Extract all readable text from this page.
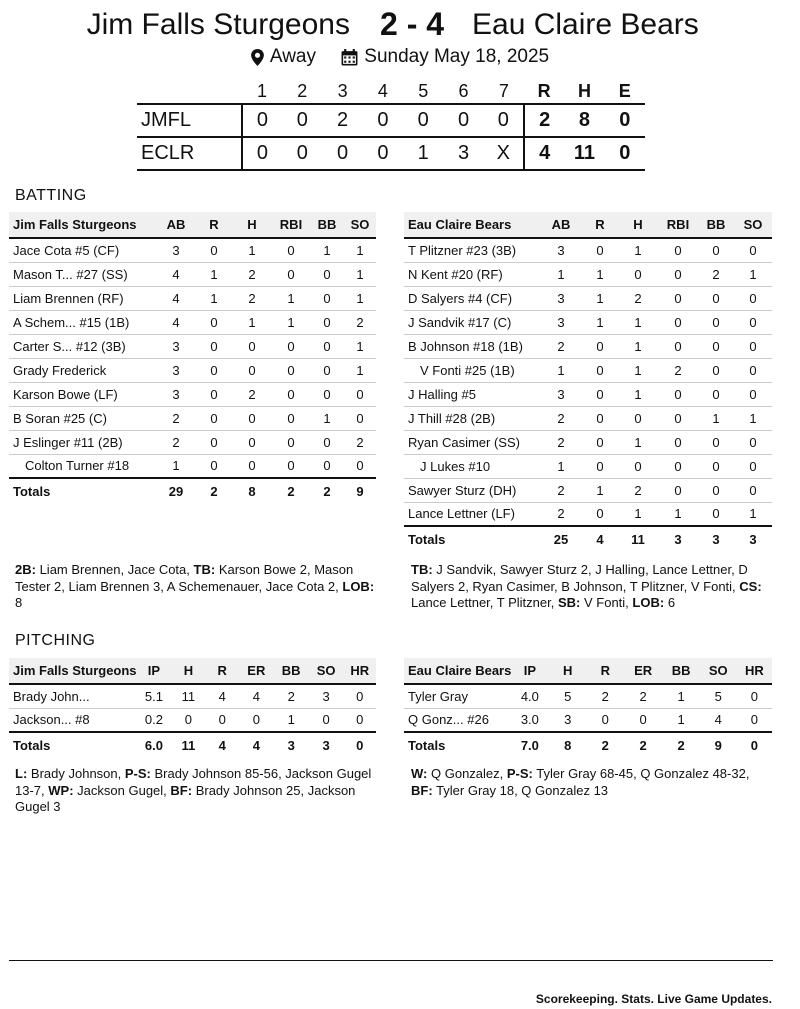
Jim Falls Sturgeons 2 - 4 Eau Claire Bears
Away
	Sunday May 18, 2025
	1	2	3	4	5	6	7	R	H	E
JMFL	0	0	2	0	0	0	0	2	8	0
ECLR	0	0	0	0	1	3	X	4	11	0
BATTING
Jim Falls Sturgeons	AB	R	H	RBI	BB	SO
Jace Cota #5 (CF)	3	0	1	0	1	1
Mason T... #27 (SS)	4	1	2	0	0	1
Liam Brennen (RF)	4	1	2	1	0	1
A Schem... #15 (1B)	4	0	1	1	0	2
Carter S... #12 (3B)	3	0	0	0	0	1
Grady Frederick	3	0	0	0	0	1
Karson Bowe (LF)	3	0	2	0	0	0
B Soran #25 (C)	2	0	0	0	1	0
J Eslinger #11 (2B)	2	0	0	0	0	2
Colton Turner #18	1	0	0	0	0	0
Totals	29	2	8	2	2	9
Eau Claire Bears	AB	R	H	RBI	BB	SO
T Plitzner #23 (3B)	3	0	1	0	0	0
N Kent #20 (RF)	1	1	0	0	2	1
D Salyers #4 (CF)	3	1	2	0	0	0
J Sandvik #17 (C)	3	1	1	0	0	0
B Johnson #18 (1B)	2	0	1	0	0	0
V Fonti #25 (1B)	1	0	1	2	0	0
J Halling #5	3	0	1	0	0	0
J Thill #28 (2B)	2	0	0	0	1	1
Ryan Casimer (SS)	2	0	1	0	0	0
J Lukes #10	1	0	0	0	0	0
Sawyer Sturz (DH)	2	1	2	0	0	0
Lance Lettner (LF)	2	0	1	1	0	1
Totals	25	4	11	3	3	3
2B: Liam Brennen, Jace Cota, TB: Karson Bowe 2, Mason Tester 2, Liam Brennen 3, A Schemenauer, Jace Cota 2, LOB: 8
TB: J Sandvik, Sawyer Sturz 2, J Halling, Lance Lettner, D Salyers 2, Ryan Casimer, B Johnson, T Plitzner, V Fonti, CS: Lance Lettner, T Plitzner, SB: V Fonti, LOB: 6
PITCHING
Jim Falls Sturgeons	IP	H	R	ER	BB	SO	HR
Brady John...	5.1	11	4	4	2	3	0
Jackson... #8	0.2	0	0	0	1	0	0
Totals	6.0	11	4	4	3	3	0
Eau Claire Bears	IP	H	R	ER	BB	SO	HR
Tyler Gray	4.0	5	2	2	1	5	0
Q Gonz... #26	3.0	3	0	0	1	4	0
Totals	7.0	8	2	2	2	9	0
L: Brady Johnson, P-S: Brady Johnson 85-56, Jackson Gugel 13-7, WP: Jackson Gugel, BF: Brady Johnson 25, Jackson Gugel 3
W: Q Gonzalez, P-S: Tyler Gray 68-45, Q Gonzalez 48-32, BF: Tyler Gray 18, Q Gonzalez 13
Scorekeeping. Stats. Live Game Updates.
